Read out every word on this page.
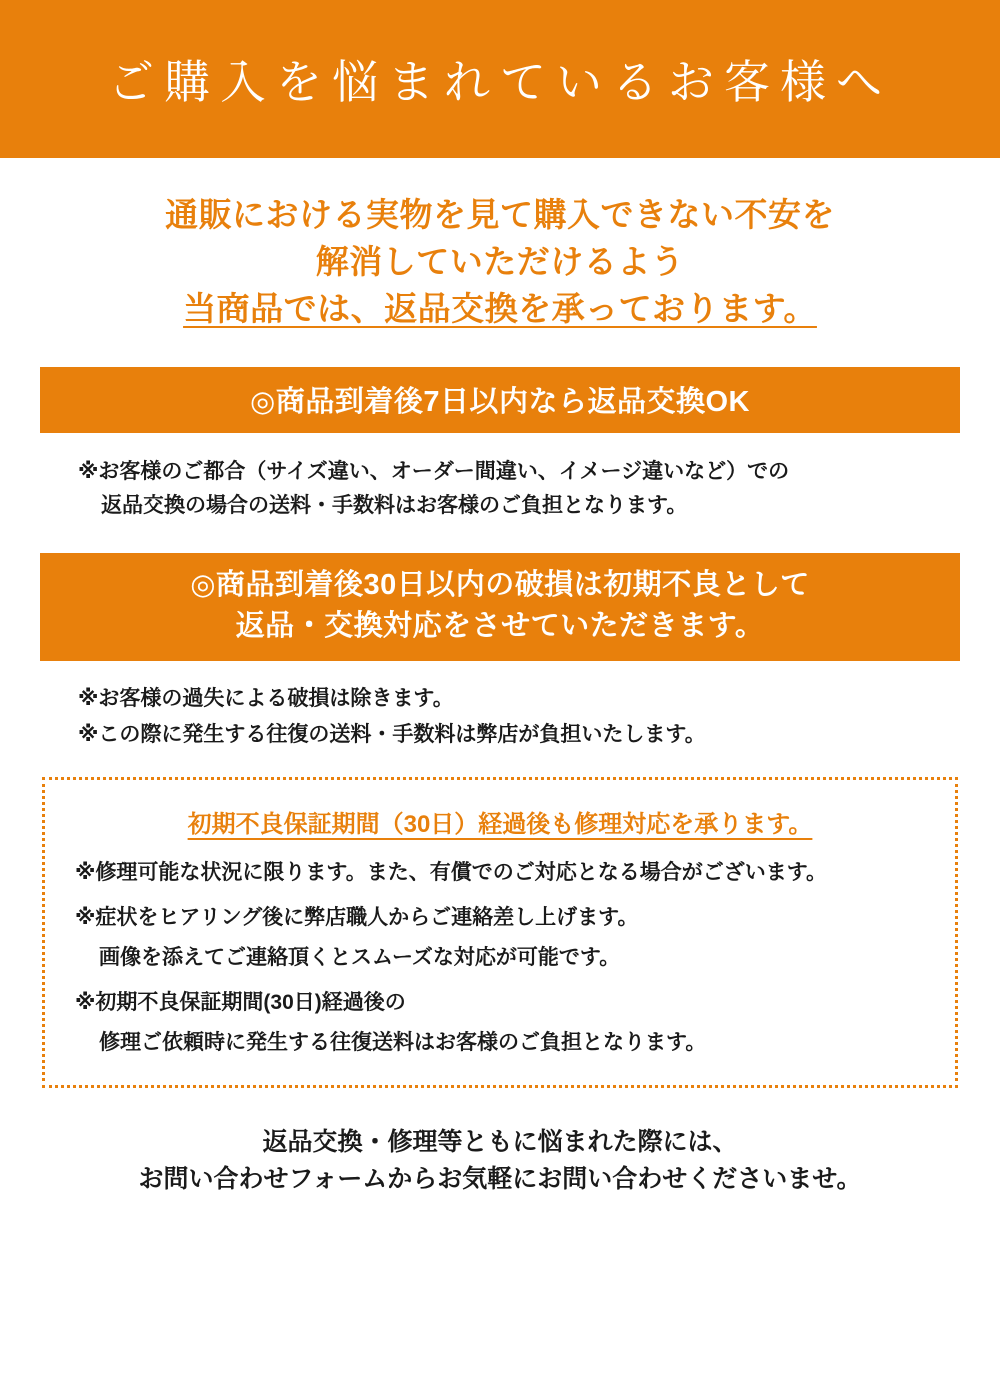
ご購入を悩まれているお客様へ
通販における実物を見て購入できない不安を
解消していただけるよう
当商品では、返品交換を承っております。
◎商品到着後7日以内なら返品交換OK
※お客様のご都合（サイズ違い、オーダー間違い、イメージ違いなど）での
返品交換の場合の送料・手数料はお客様のご負担となります。
◎商品到着後30日以内の破損は初期不良として
返品・交換対応をさせていただきます。
※お客様の過失による破損は除きます。
※この際に発生する往復の送料・手数料は弊店が負担いたします。
初期不良保証期間（30日）経過後も修理対応を承ります。
※修理可能な状況に限ります。また、有償でのご対応となる場合がございます。
※症状をヒアリング後に弊店職人からご連絡差し上げます。
画像を添えてご連絡頂くとスムーズな対応が可能です。
※初期不良保証期間(30日)経過後の
修理ご依頼時に発生する往復送料はお客様のご負担となります。
返品交換・修理等ともに悩まれた際には、
お問い合わせフォームからお気軽にお問い合わせくださいませ。
